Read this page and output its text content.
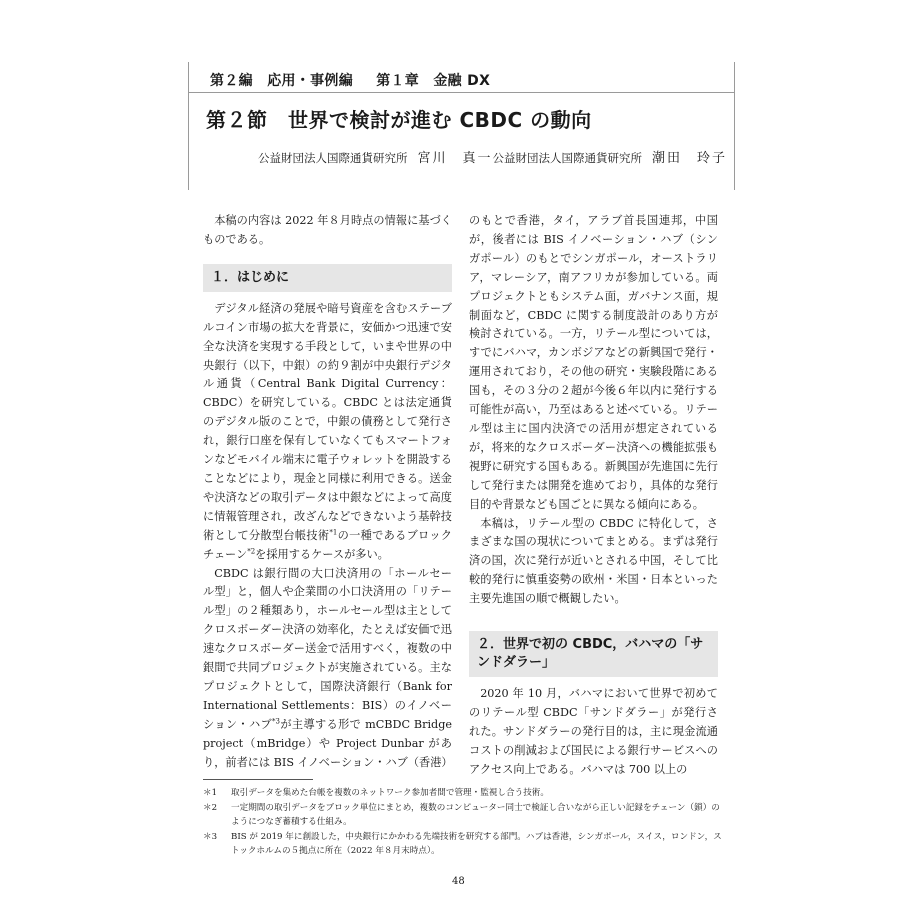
第２編　応用・事例編 第１章　金融 DX
第２節　世界で検討が進む CBDC の動向
公益財団法人国際通貨研究所 宮川　真一 公益財団法人国際通貨研究所 潮田　玲子

本稿の内容は 2022 年８月時点の情報に基づくものである。

１．はじめに

デジタル経済の発展や暗号資産を含むステーブルコイン市場の拡大を背景に，安価かつ迅速で安全な決済を実現する手段として，いまや世界の中央銀行（以下，中銀）の約９割が中央銀行デジタル通貨（Central Bank Digital Currency：CBDC）を研究している。CBDC とは法定通貨のデジタル版のことで，中銀の債務として発行され，銀行口座を保有していなくてもスマートフォンなどモバイル端末に電子ウォレットを開設することなどにより，現金と同様に利用できる。送金や決済などの取引データは中銀などによって高度に情報管理され，改ざんなどできないよう基幹技術として分散型台帳技術$^{*1}$の一種であるブロックチェーン$^{*2}$を採用するケースが多い。

CBDC は銀行間の大口決済用の「ホールセール型」と，個人や企業間の小口決済用の「リテール型」の２種類あり，ホールセール型は主としてクロスボーダー決済の効率化，たとえば安価で迅速なクロスボーダー送金で活用すべく，複数の中銀間で共同プロジェクトが実施されている。主なプロジェクトとして，国際決済銀行（Bank for International Settlements：BIS）のイノベーション・ハブ$^{*3}$が主導する形で mCBDC Bridge project（mBridge）や Project Dunbar があり，前者には BIS イノベーション・ハブ（香港）

のもとで香港，タイ，アラブ首長国連邦，中国が，後者には BIS イノベーション・ハブ（シンガポール）のもとでシンガポール，オーストラリア，マレーシア，南アフリカが参加している。両プロジェクトともシステム面，ガバナンス面，規制面など，CBDC に関する制度設計のあり方が検討されている。一方，リテール型については，すでにバハマ，カンボジアなどの新興国で発行・運用されており，その他の研究・実験段階にある国も，その３分の２超が今後６年以内に発行する可能性が高い，乃至はあると述べている。リテール型は主に国内決済での活用が想定されているが，将来的なクロスボーダー決済への機能拡張も視野に研究する国もある。新興国が先進国に先行して発行または開発を進めており，具体的な発行目的や背景なども国ごとに異なる傾向にある。

本稿は，リテール型の CBDC に特化して，さまざまな国の現状についてまとめる。まずは発行済の国，次に発行が近いとされる中国，そして比較的発行に慎重姿勢の欧州・米国・日本といった主要先進国の順で概観したい。

２．世界で初の CBDC，バハマの「サンドダラー」

2020 年 10 月，バハマにおいて世界で初めてのリテール型 CBDC「サンドダラー」が発行された。サンドダラーの発行目的は，主に現金流通コストの削減および国民による銀行サービスへのアクセス向上である。バハマは 700 以上の

＊1	取引データを集めた台帳を複数のネットワーク参加者間で管理・監視し合う技術。
＊2	一定期間の取引データをブロック単位にまとめ，複数のコンピューター同士で検証し合いながら正しい記録をチェーン（鎖）のようにつなぎ蓄積する仕組み。
＊3	BIS が 2019 年に創設した，中央銀行にかかわる先端技術を研究する部門。ハブは香港，シンガポール，スイス，ロンドン，ストックホルムの５拠点に所在（2022 年８月末時点）。
48
